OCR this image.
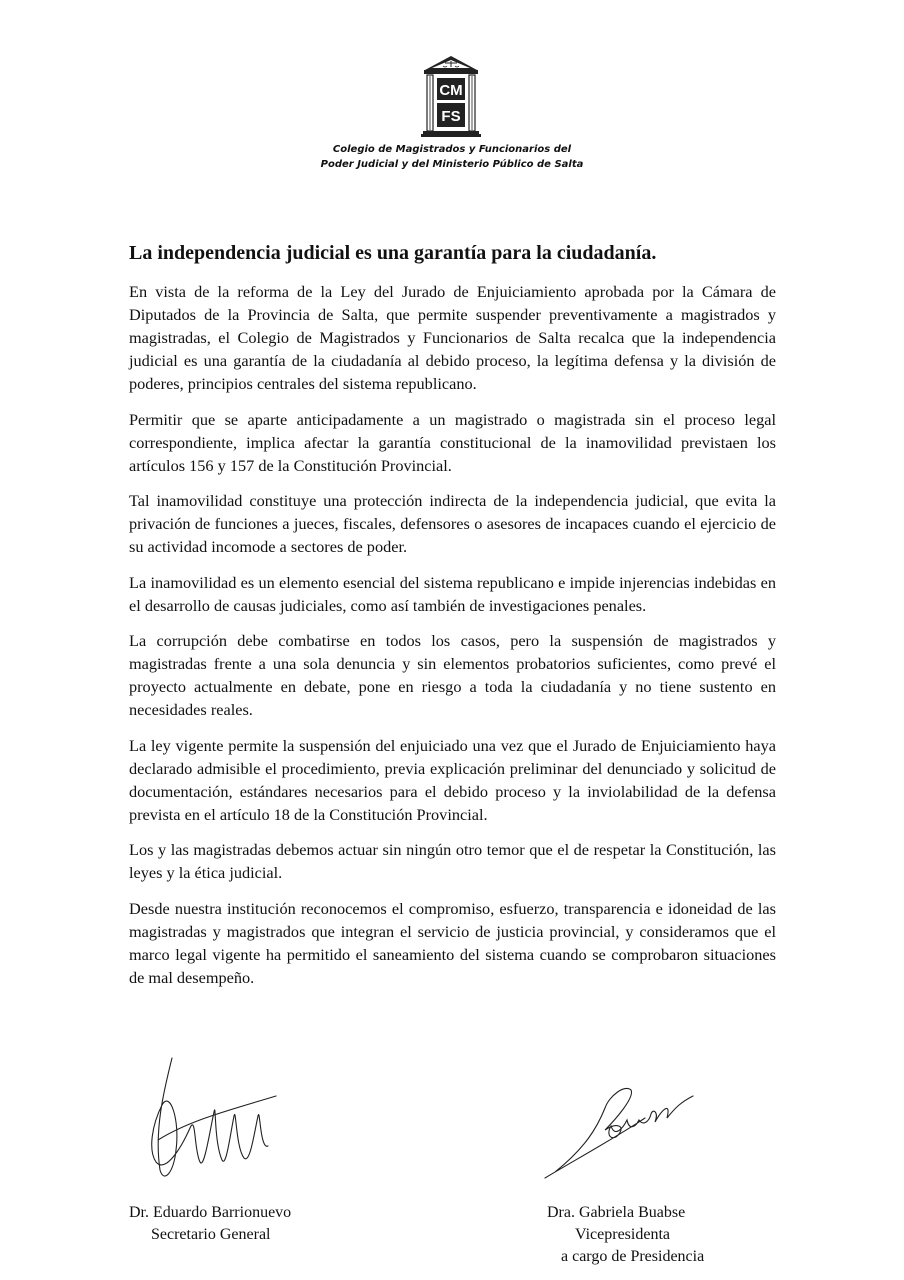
CM
FS
Colegio de Magistrados y Funcionarios del
Poder Judicial y del Ministerio Público de Salta
La independencia judicial es una garantía para la ciudadanía.

En vista de la reforma de la Ley del Jurado de Enjuiciamiento aprobada por la Cámara de Diputados de la Provincia de Salta, que permite suspender preventivamente a magistrados y magistradas, el Colegio de Magistrados y Funcionarios de Salta recalca que la independencia judicial es una garantía de la ciudadanía al debido proceso, la legítima defensa y la división de poderes, principios centrales del sistema republicano.

Permitir que se aparte anticipadamente a un magistrado o magistrada sin el proceso legal correspondiente, implica afectar la garantía constitucional de la inamovilidad previstaen los artículos 156 y 157 de la Constitución Provincial.

Tal inamovilidad constituye una protección indirecta de la independencia judicial, que evita la privación de funciones a jueces, fiscales, defensores o asesores de incapaces cuando el ejercicio de su actividad incomode a sectores de poder.

La inamovilidad es un elemento esencial del sistema republicano e impide injerencias indebidas en el desarrollo de causas judiciales, como así también de investigaciones penales.

La corrupción debe combatirse en todos los casos, pero la suspensión de magistrados y magistradas frente a una sola denuncia y sin elementos probatorios suficientes, como prevé el proyecto actualmente en debate, pone en riesgo a toda la ciudadanía y no tiene sustento en necesidades reales.

La ley vigente permite la suspensión del enjuiciado una vez que el Jurado de Enjuiciamiento haya declarado admisible el procedimiento, previa explicación preliminar del denunciado y solicitud de documentación, estándares necesarios para el debido proceso y la inviolabilidad de la defensa prevista en el artículo 18 de la Constitución Provincial.

Los y las magistradas debemos actuar sin ningún otro temor que el de respetar la Constitución, las leyes y la ética judicial.

Desde nuestra institución reconocemos el compromiso, esfuerzo, transparencia e idoneidad de las magistradas y magistrados que integran el servicio de justicia provincial, y consideramos que el marco legal vigente ha permitido el saneamiento del sistema cuando se comprobaron situaciones de mal desempeño.

Dr. Eduardo Barrionuevo
Secretario General
Dra. Gabriela Buabse
Vicepresidenta
a cargo de Presidencia
